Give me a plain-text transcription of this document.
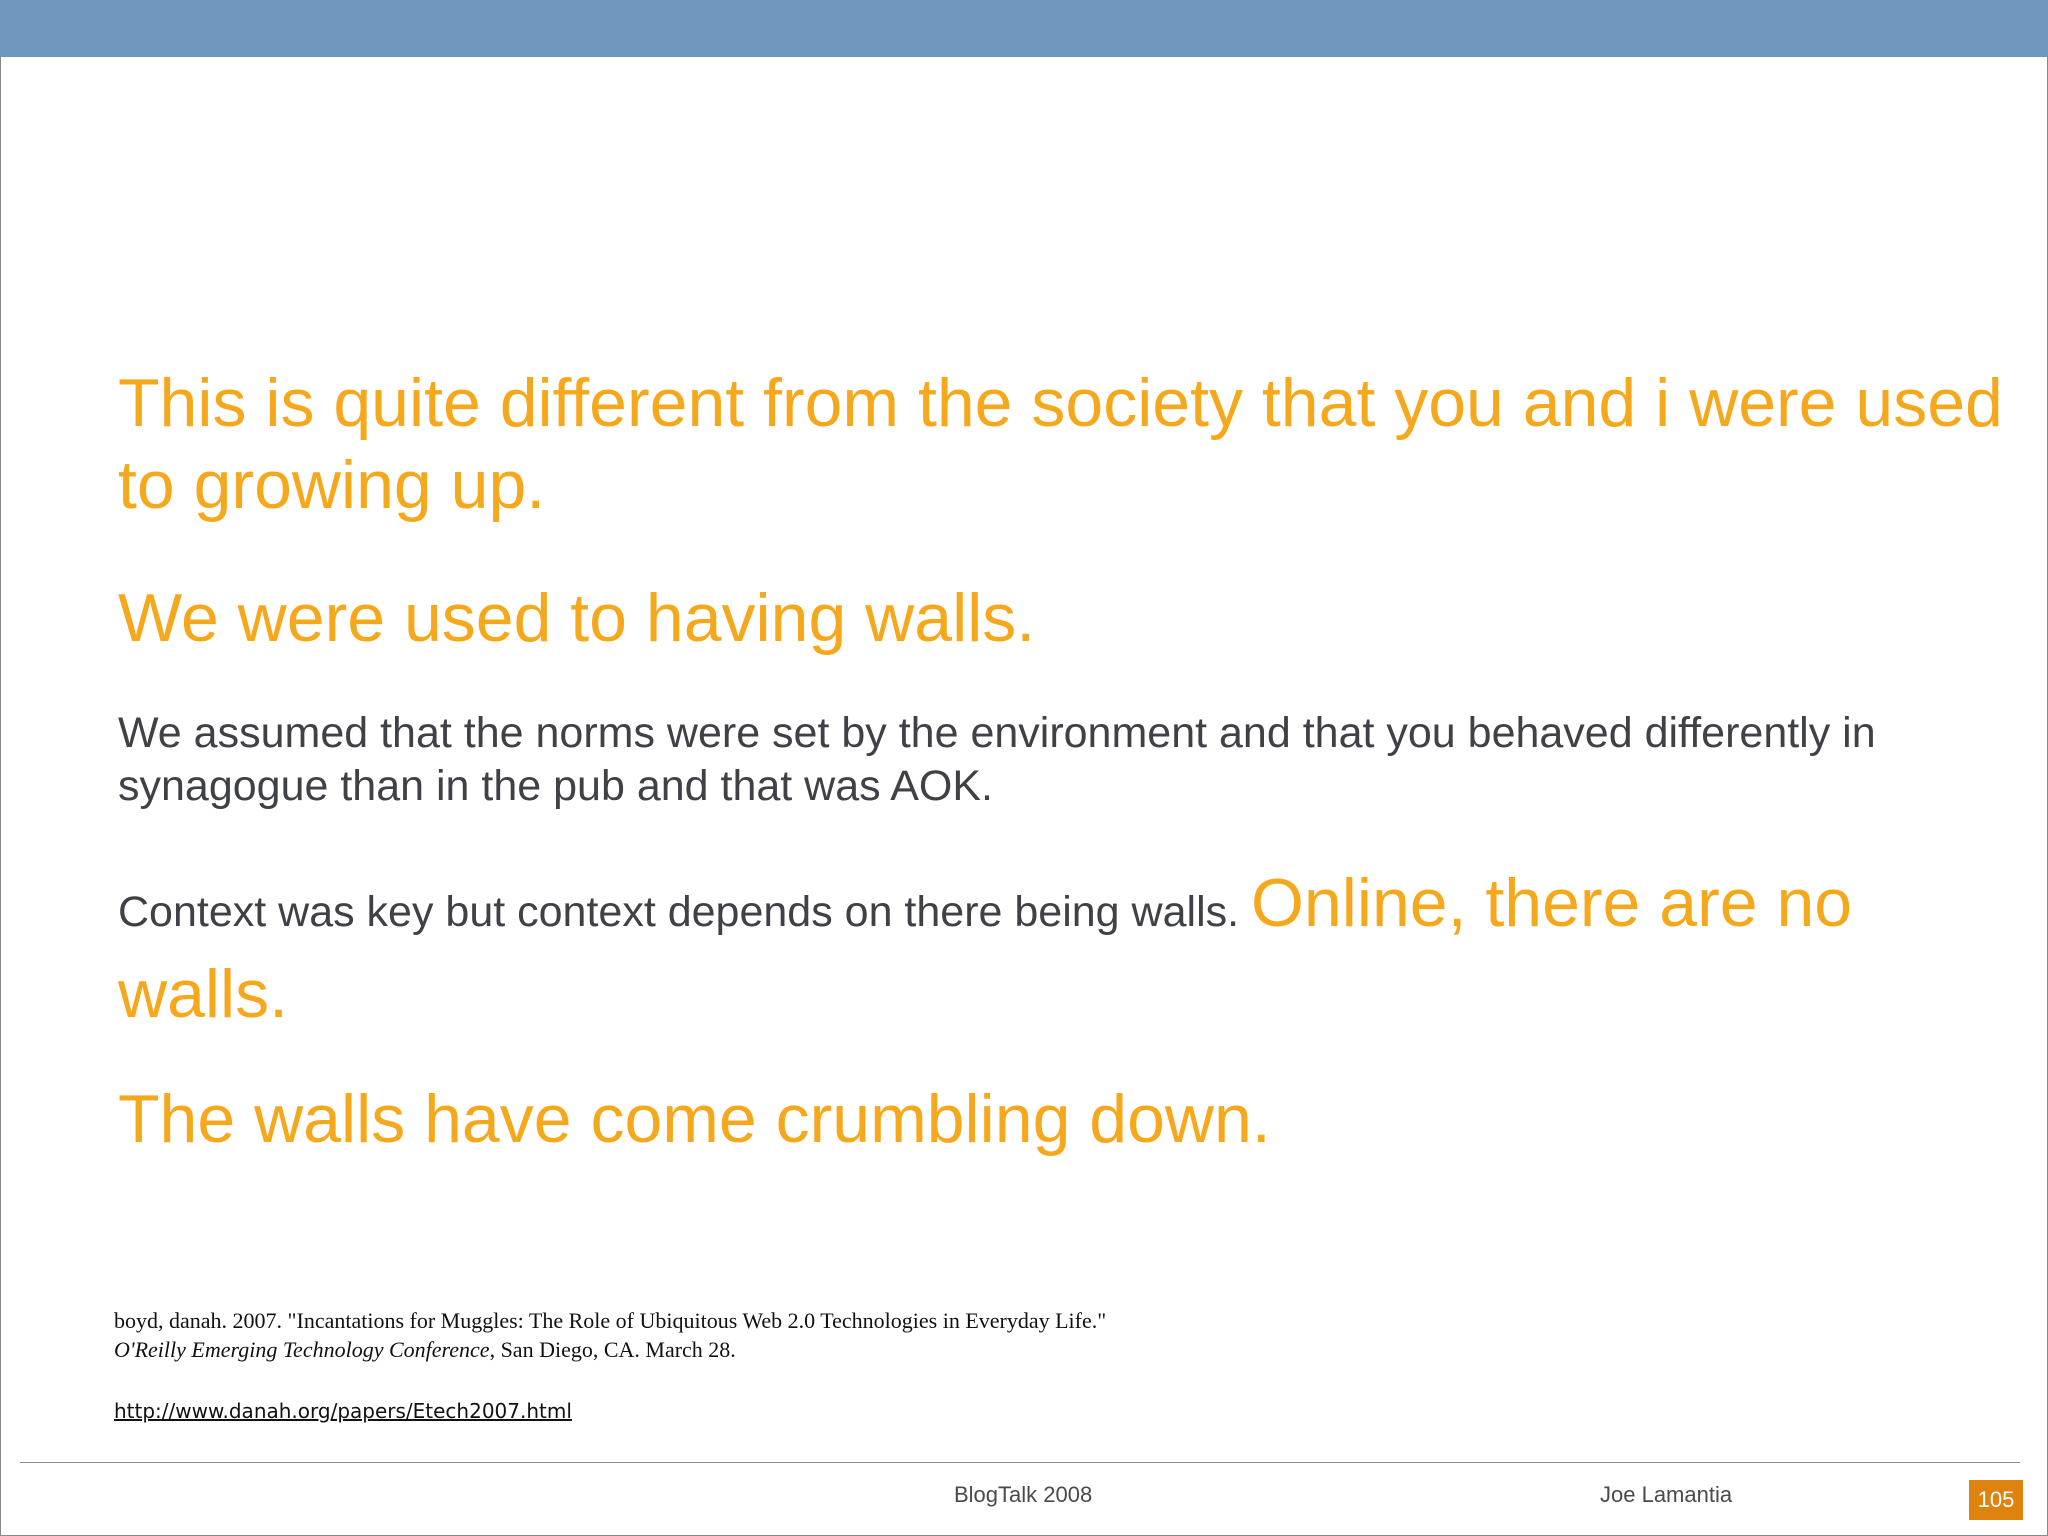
This is quite different from the society that you and i were used to growing up.

We were used to having walls.

We assumed that the norms were set by the environment and that you behaved differently in synagogue than in the pub and that was AOK.

Context was key but context depends on there being walls. Online, there are no walls.

The walls have come crumbling down.

boyd, danah. 2007. "Incantations for Muggles: The Role of Ubiquitous Web 2.0 Technologies in Everyday Life." O'Reilly Emerging Technology Conference, San Diego, CA. March 28.
http://www.danah.org/papers/Etech2007.html
BlogTalk 2008	Joe Lamantia	105
